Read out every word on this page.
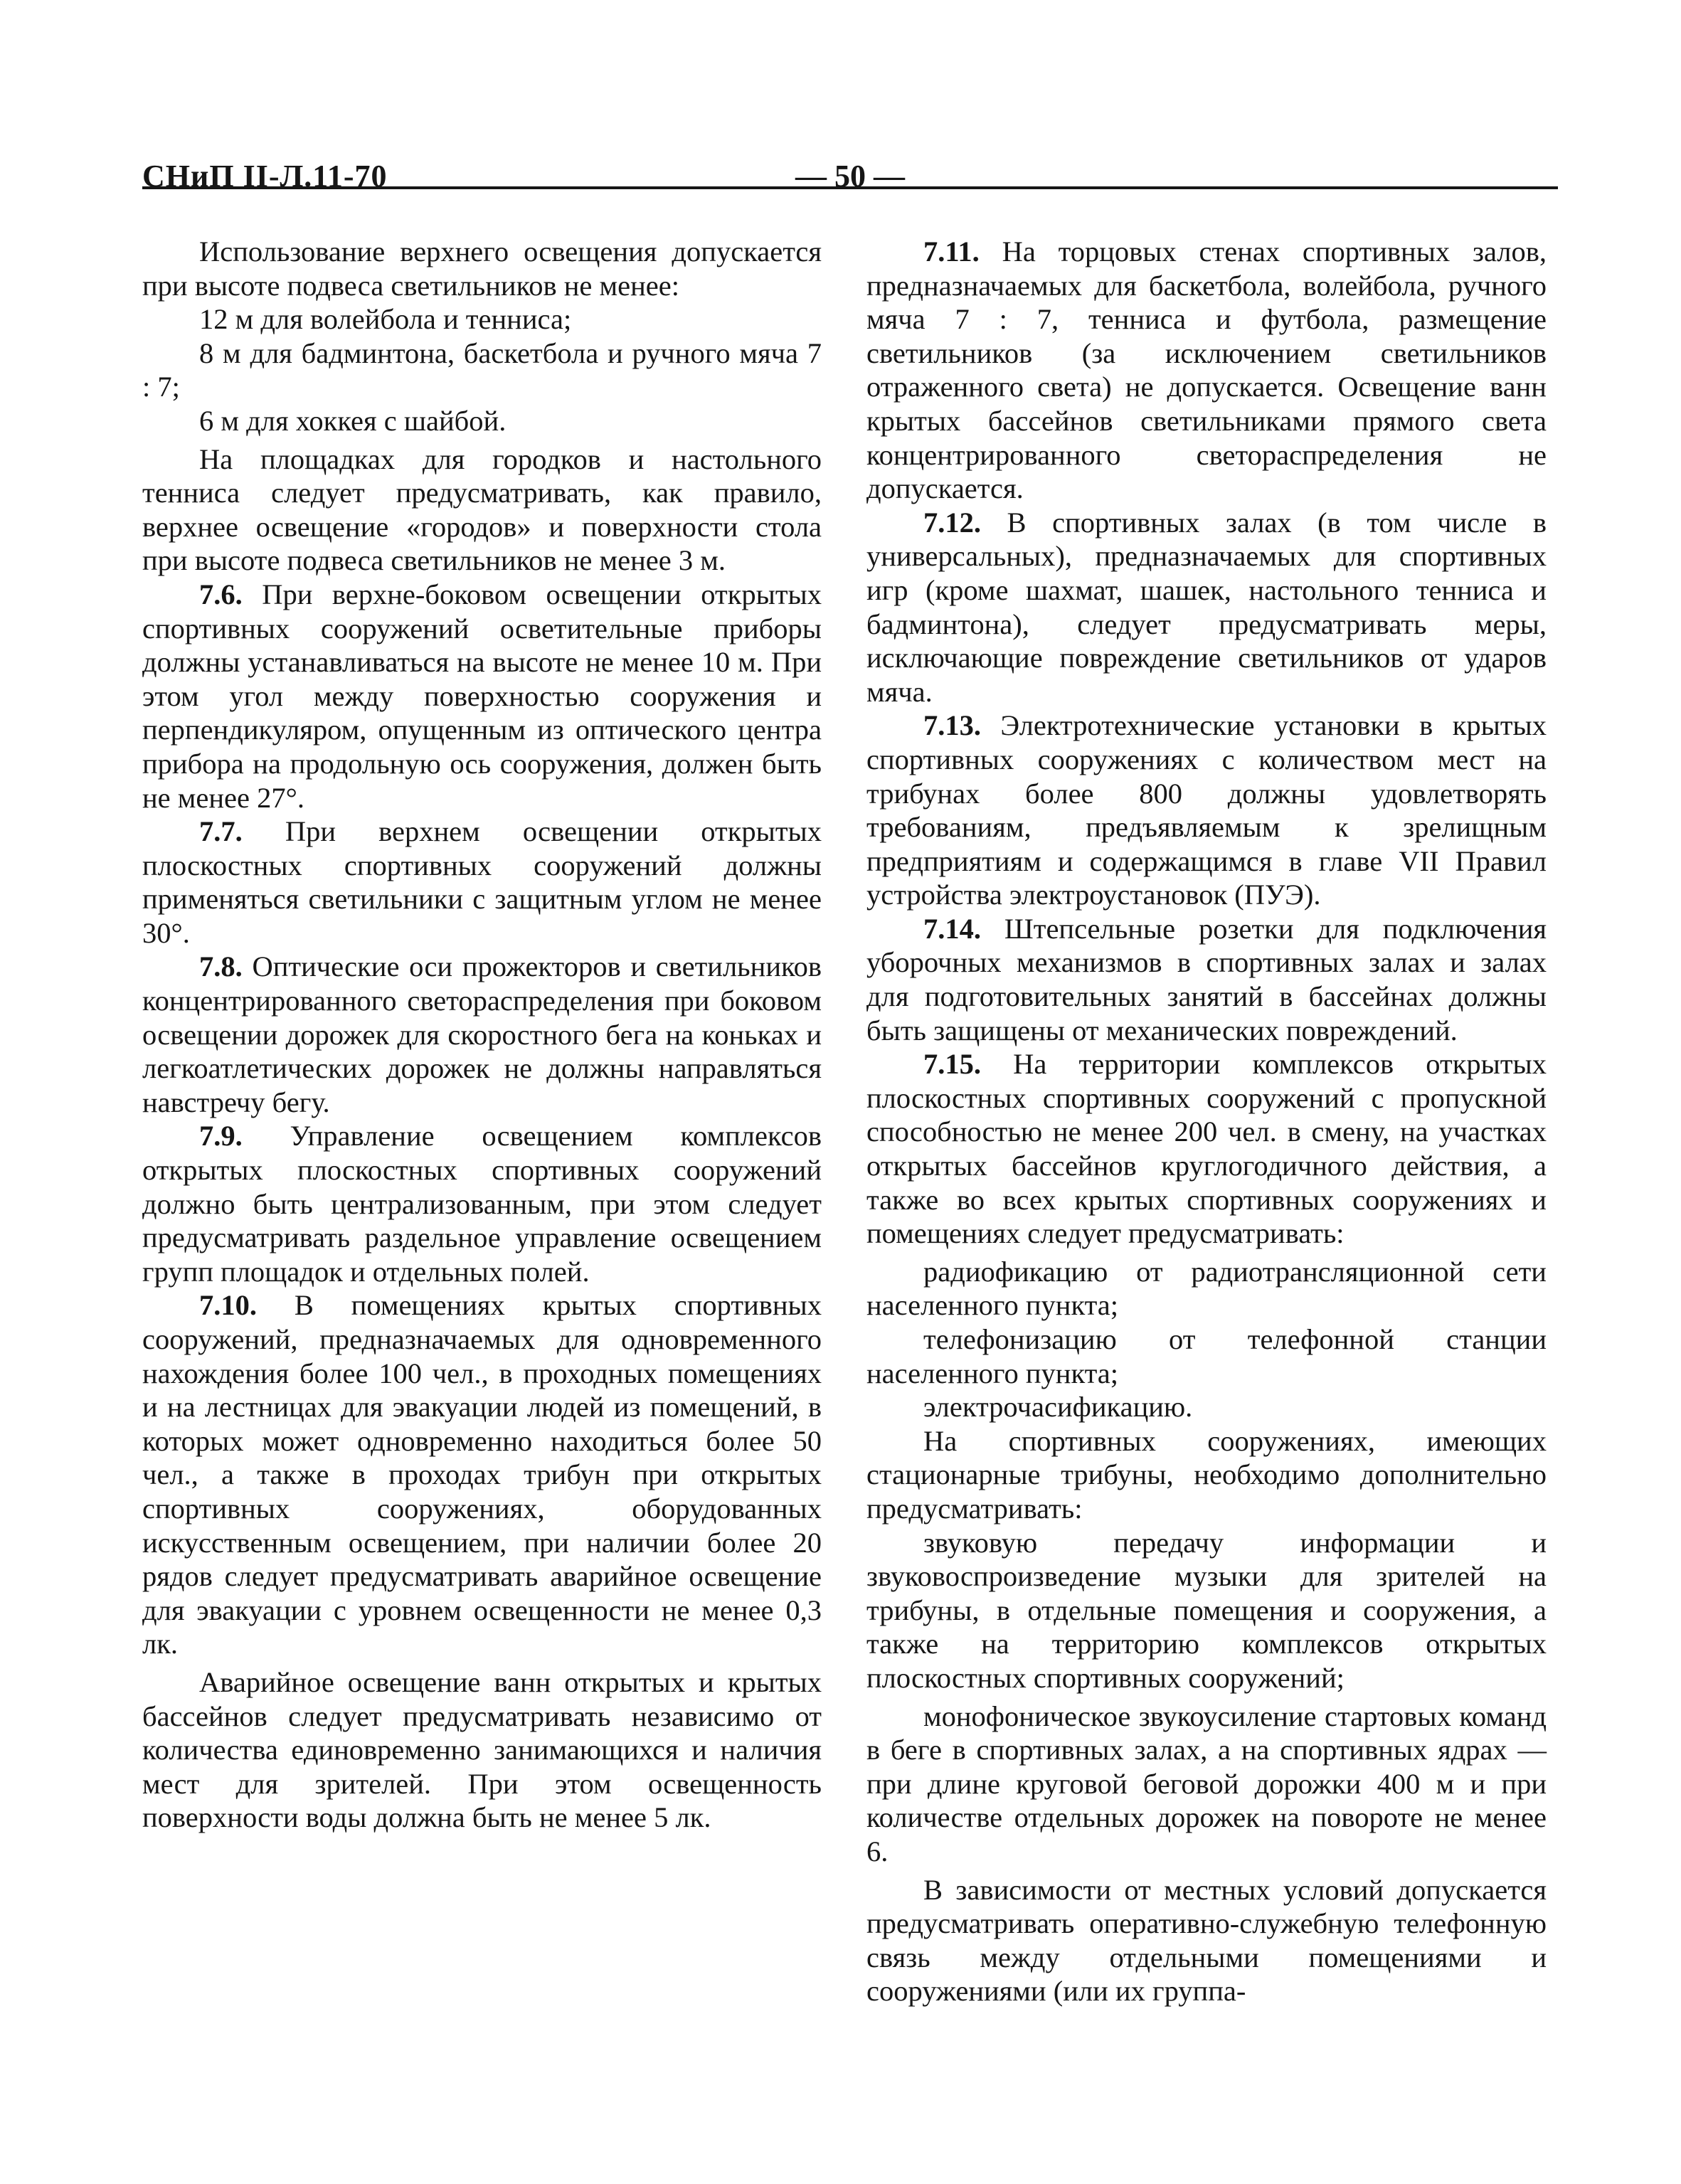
СНиП II-Л.11-70	— 50 —

Использование верхнего освещения допускается при высоте подвеса светильников не менее:

12 м для волейбола и тенниса;

8 м для бадминтона, баскетбола и ручного мяча 7 : 7;

6 м для хоккея с шайбой.

На площадках для городков и настольного тенниса следует предусматривать, как правило, верхнее освещение «городов» и поверхности стола при высоте подвеса светильников не менее 3 м.

7.6. При верхне-боковом освещении открытых спортивных сооружений осветительные приборы должны устанавливаться на высоте не менее 10 м. При этом угол между поверхностью сооружения и перпендикуляром, опущенным из оптического центра прибора на продольную ось сооружения, должен быть не менее 27°.

7.7. При верхнем освещении открытых плоскостных спортивных сооружений должны применяться светильники с защитным углом не менее 30°.

7.8. Оптические оси прожекторов и светильников концентрированного светораспределения при боковом освещении дорожек для скоростного бега на коньках и легкоатлетических дорожек не должны направляться навстречу бегу.

7.9. Управление освещением комплексов открытых плоскостных спортивных сооружений должно быть централизованным, при этом следует предусматривать раздельное управление освещением групп площадок и отдельных полей.

7.10. В помещениях крытых спортивных сооружений, предназначаемых для одновременного нахождения более 100 чел., в проходных помещениях и на лестницах для эвакуации людей из помещений, в которых может одновременно находиться более 50 чел., а также в проходах трибун при открытых спортивных сооружениях, оборудованных искусственным освещением, при наличии более 20 рядов следует предусматривать аварийное освещение для эвакуации с уровнем освещенности не менее 0,3 лк.

Аварийное освещение ванн открытых и крытых бассейнов следует предусматривать независимо от количества единовременно занимающихся и наличия мест для зрителей. При этом освещенность поверхности воды должна быть не менее 5 лк.

7.11. На торцовых стенах спортивных залов, предназначаемых для баскетбола, волейбола, ручного мяча 7 : 7, тенниса и футбола, размещение светильников (за исключением светильников отраженного света) не допускается. Освещение ванн крытых бассейнов светильниками прямого света концентрированного светораспределения не допускается.

7.12. В спортивных залах (в том числе в универсальных), предназначаемых для спортивных игр (кроме шахмат, шашек, настольного тенниса и бадминтона), следует предусматривать меры, исключающие повреждение светильников от ударов мяча.

7.13. Электротехнические установки в крытых спортивных сооружениях с количеством мест на трибунах более 800 должны удовлетворять требованиям, предъявляемым к зрелищным предприятиям и содержащимся в главе VII Правил устройства электроустановок (ПУЭ).

7.14. Штепсельные розетки для подключения уборочных механизмов в спортивных залах и залах для подготовительных занятий в бассейнах должны быть защищены от механических повреждений.

7.15. На территории комплексов открытых плоскостных спортивных сооружений с пропускной способностью не менее 200 чел. в смену, на участках открытых бассейнов круглогодичного действия, а также во всех крытых спортивных сооружениях и помещениях следует предусматривать:

радиофикацию от радиотрансляционной сети населенного пункта;

телефонизацию от телефонной станции населенного пункта;

электрочасификацию.

На спортивных сооружениях, имеющих стационарные трибуны, необходимо дополнительно предусматривать:

звуковую передачу информации и звуковоспроизведение музыки для зрителей на трибуны, в отдельные помещения и сооружения, а также на территорию комплексов открытых плоскостных спортивных сооружений;

монофоническое звукоусиление стартовых команд в беге в спортивных залах, а на спортивных ядрах — при длине круговой беговой дорожки 400 м и при количестве отдельных дорожек на повороте не менее 6.

В зависимости от местных условий допускается предусматривать оперативно-служебную телефонную связь между отдельными помещениями и сооружениями (или их группа-
